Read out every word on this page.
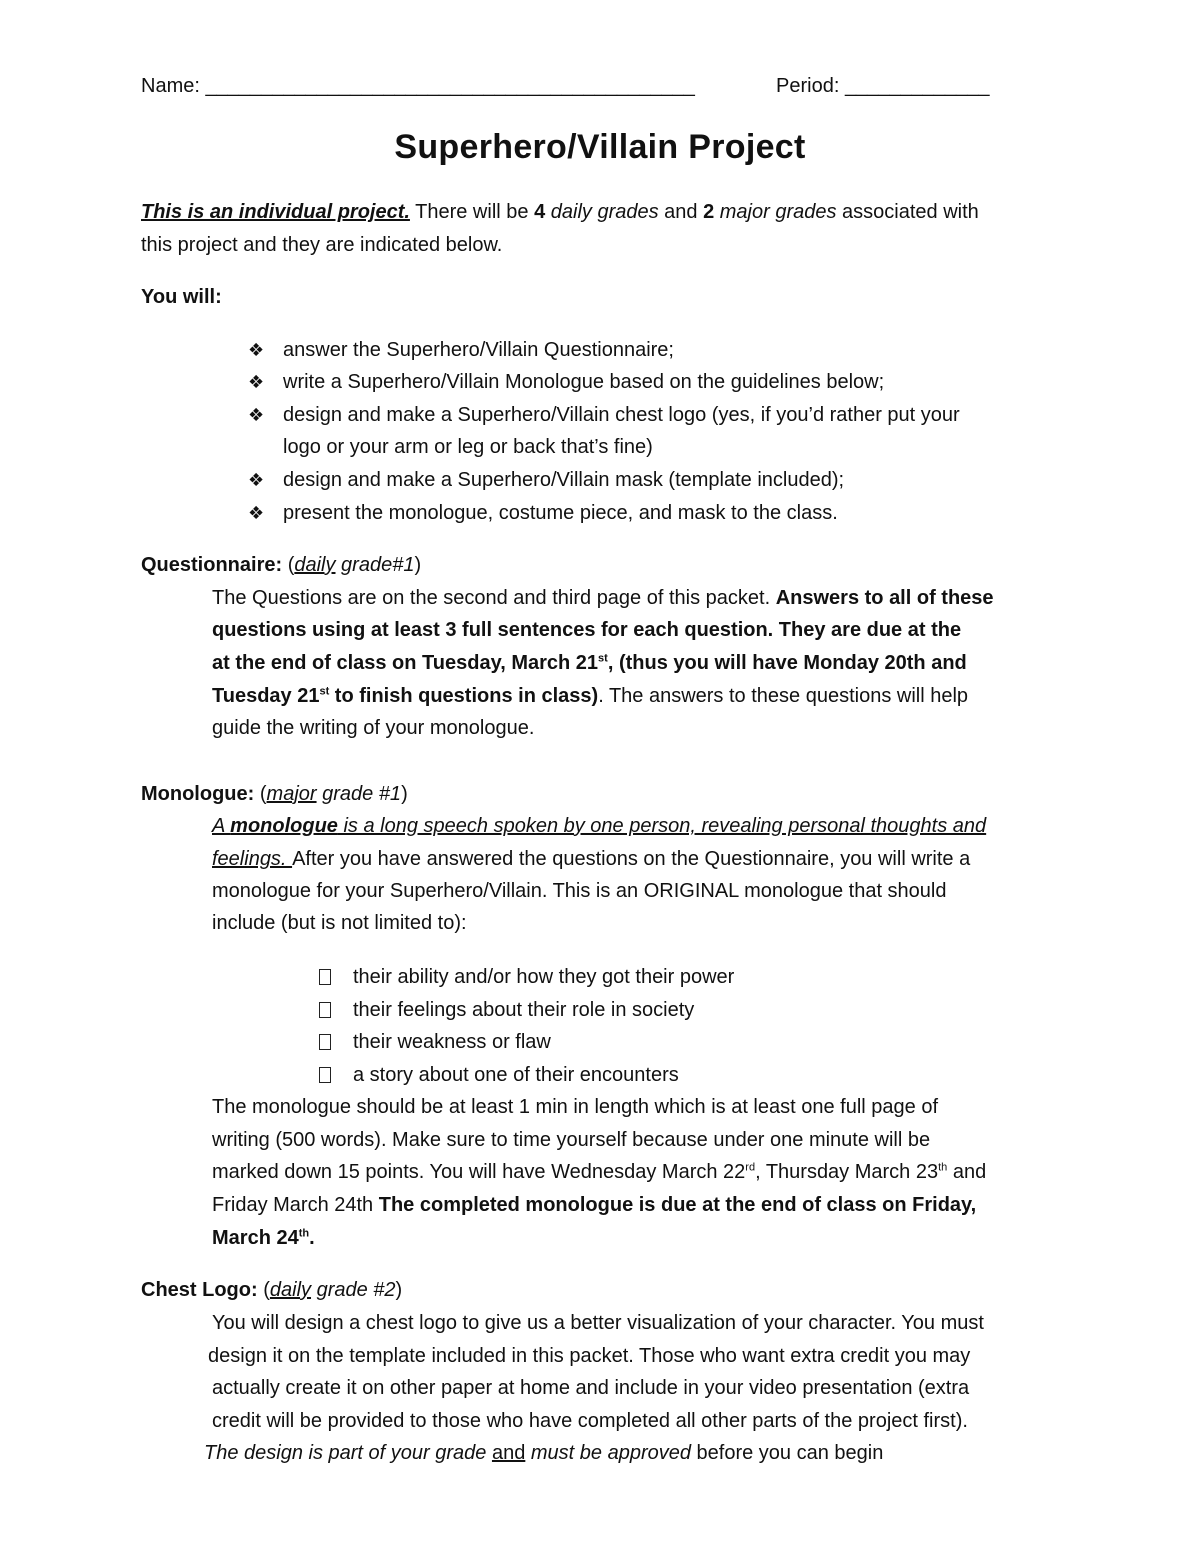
Name: ____________________________________________	Period: _____________
Superhero/Villain Project
This is an individual project. There will be 4 daily grades and 2 major grades associated with
this project and they are indicated below.
You will:
❖ answer the Superhero/Villain Questionnaire;
❖ write a Superhero/Villain Monologue based on the guidelines below;
❖ design and make a Superhero/Villain chest logo (yes, if you’d rather put your
logo or your arm or leg or back that’s fine)
❖ design and make a Superhero/Villain mask (template included);
❖ present the monologue, costume piece, and mask to the class.
Questionnaire: (daily grade#1)
The Questions are on the second and third page of this packet. Answers to all of these
questions using at least 3 full sentences for each question. They are due at the
at the end of class on Tuesday, March 21st, (thus you will have Monday 20th and
Tuesday 21st to finish questions in class). The answers to these questions will help
guide the writing of your monologue.
Monologue: (major grade #1)
A monologue is a long speech spoken by one person, revealing personal thoughts and
feelings. After you have answered the questions on the Questionnaire, you will write a
monologue for your Superhero/Villain. This is an ORIGINAL monologue that should
include (but is not limited to):
their ability and/or how they got their power
their feelings about their role in society
their weakness or flaw
a story about one of their encounters
The monologue should be at least 1 min in length which is at least one full page of
writing (500 words). Make sure to time yourself because under one minute will be
marked down 15 points. You will have Wednesday March 22rd, Thursday March 23th and
Friday March 24th The completed monologue is due at the end of class on Friday,
March 24th.
Chest Logo: (daily grade #2)
You will design a chest logo to give us a better visualization of your character. You must
design it on the template included in this packet. Those who want extra credit you may
actually create it on other paper at home and include in your video presentation (extra
credit will be provided to those who have completed all other parts of the project first).
The design is part of your grade and must be approved before you can begin
